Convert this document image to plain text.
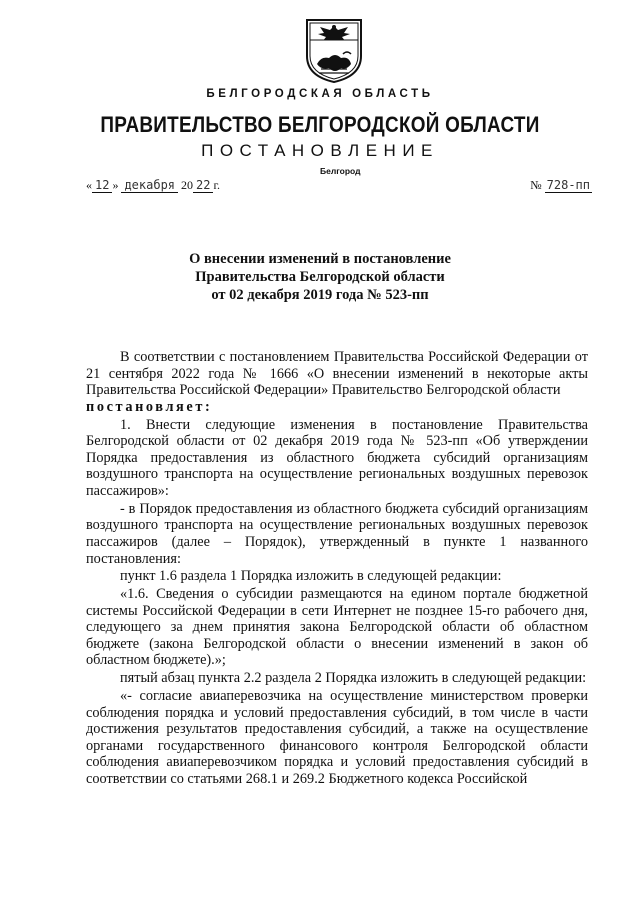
БЕЛГОРОДСКАЯ ОБЛАСТЬ
ПРАВИТЕЛЬСТВО БЕЛГОРОДСКОЙ ОБЛАСТИ
ПОСТАНОВЛЕНИЕ
Белгород
« 12 » декабря 20 22 г.	№ 728-пп
О внесении изменений в постановление
Правительства Белгородской области
от 02 декабря 2019 года № 523-пп

В соответствии с постановлением Правительства Российской Федерации от 21 сентября 2022 года № 1666 «О внесении изменений в некоторые акты Правительства Российской Федерации» Правительство Белгородской области
постановляет:

1. Внести следующие изменения в постановление Правительства Белгородской области от 02 декабря 2019 года № 523-пп «Об утверждении Порядка предоставления из областного бюджета субсидий организациям воздушного транспорта на осуществление региональных воздушных перевозок пассажиров»:

- в Порядок предоставления из областного бюджета субсидий организациям воздушного транспорта на осуществление региональных воздушных перевозок пассажиров (далее – Порядок), утвержденный в пункте 1 названного постановления:

пункт 1.6 раздела 1 Порядка изложить в следующей редакции:

«1.6. Сведения о субсидии размещаются на едином портале бюджетной системы Российской Федерации в сети Интернет не позднее 15-го рабочего дня, следующего за днем принятия закона Белгородской области об областном бюджете (закона Белгородской области о внесении изменений в закон об областном бюджете).»;

пятый абзац пункта 2.2 раздела 2 Порядка изложить в следующей редакции:

«- согласие авиаперевозчика на осуществление министерством проверки соблюдения порядка и условий предоставления субсидий, в том числе в части достижения результатов предоставления субсидий, а также на осуществление органами государственного финансового контроля Белгородской области соблюдения авиаперевозчиком порядка и условий предоставления субсидий в соответствии со статьями 268.1 и 269.2 Бюджетного кодекса Российской
